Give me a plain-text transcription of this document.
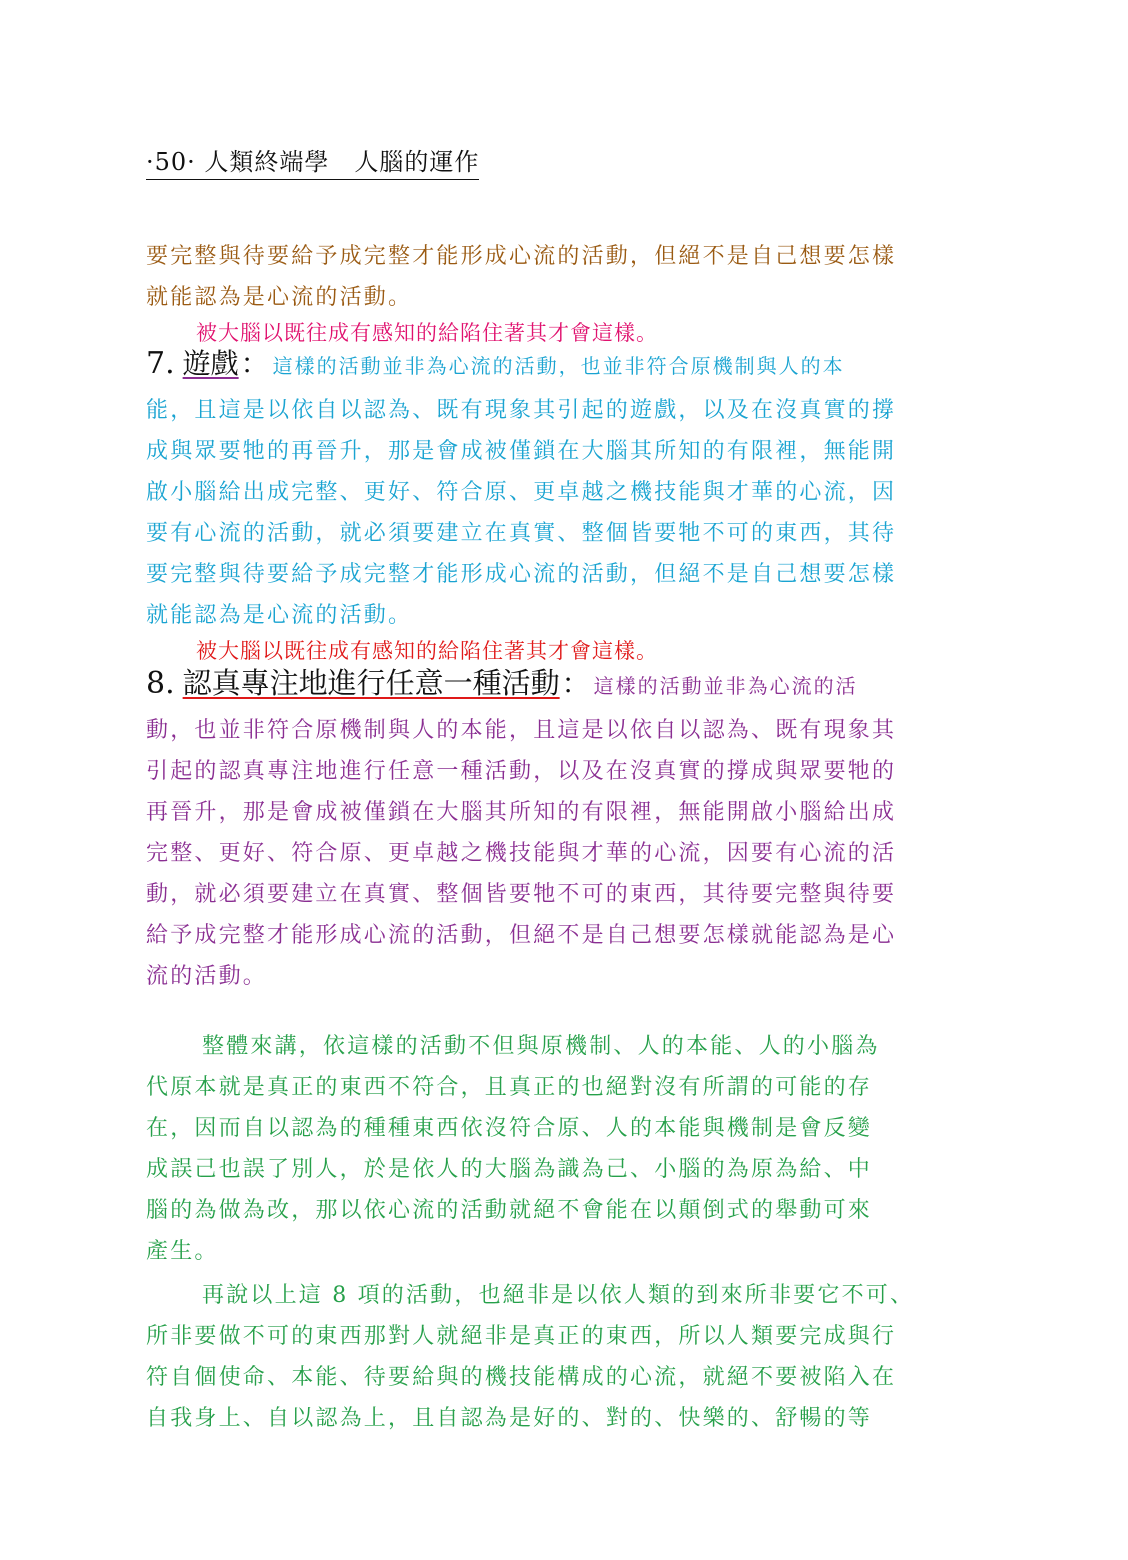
·50· 人類終端學　人腦的運作
要完整與待要給予成完整才能形成心流的活動，但絕不是自己想要怎樣
就能認為是心流的活動。
被大腦以既往成有感知的給陷住著其才會這樣。
7. 遊戲： 這樣的活動並非為心流的活動，也並非符合原機制與人的本
能，且這是以依自以認為、既有現象其引起的遊戲，以及在沒真實的撐
成與眾要牠的再晉升，那是會成被僅鎖在大腦其所知的有限裡，無能開
啟小腦給出成完整、更好、符合原、更卓越之機技能與才華的心流，因
要有心流的活動，就必須要建立在真實、整個皆要牠不可的東西，其待
要完整與待要給予成完整才能形成心流的活動，但絕不是自己想要怎樣
就能認為是心流的活動。
被大腦以既往成有感知的給陷住著其才會這樣。
8. 認真專注地進行任意一種活動： 這樣的活動並非為心流的活
動，也並非符合原機制與人的本能，且這是以依自以認為、既有現象其
引起的認真專注地進行任意一種活動，以及在沒真實的撐成與眾要牠的
再晉升，那是會成被僅鎖在大腦其所知的有限裡，無能開啟小腦給出成
完整、更好、符合原、更卓越之機技能與才華的心流，因要有心流的活
動，就必須要建立在真實、整個皆要牠不可的東西，其待要完整與待要
給予成完整才能形成心流的活動，但絕不是自己想要怎樣就能認為是心
流的活動。
整體來講，依這樣的活動不但與原機制、人的本能、人的小腦為
代原本就是真正的東西不符合，且真正的也絕對沒有所謂的可能的存
在，因而自以認為的種種東西依沒符合原、人的本能與機制是會反變
成誤己也誤了別人，於是依人的大腦為識為己、小腦的為原為給、中
腦的為做為改，那以依心流的活動就絕不會能在以顛倒式的舉動可來
產生。
再說以上這 8 項的活動，也絕非是以依人類的到來所非要它不可、
所非要做不可的東西那對人就絕非是真正的東西，所以人類要完成與行
符自個使命、本能、待要給與的機技能構成的心流，就絕不要被陷入在
自我身上、自以認為上，且自認為是好的、對的、快樂的、舒暢的等
